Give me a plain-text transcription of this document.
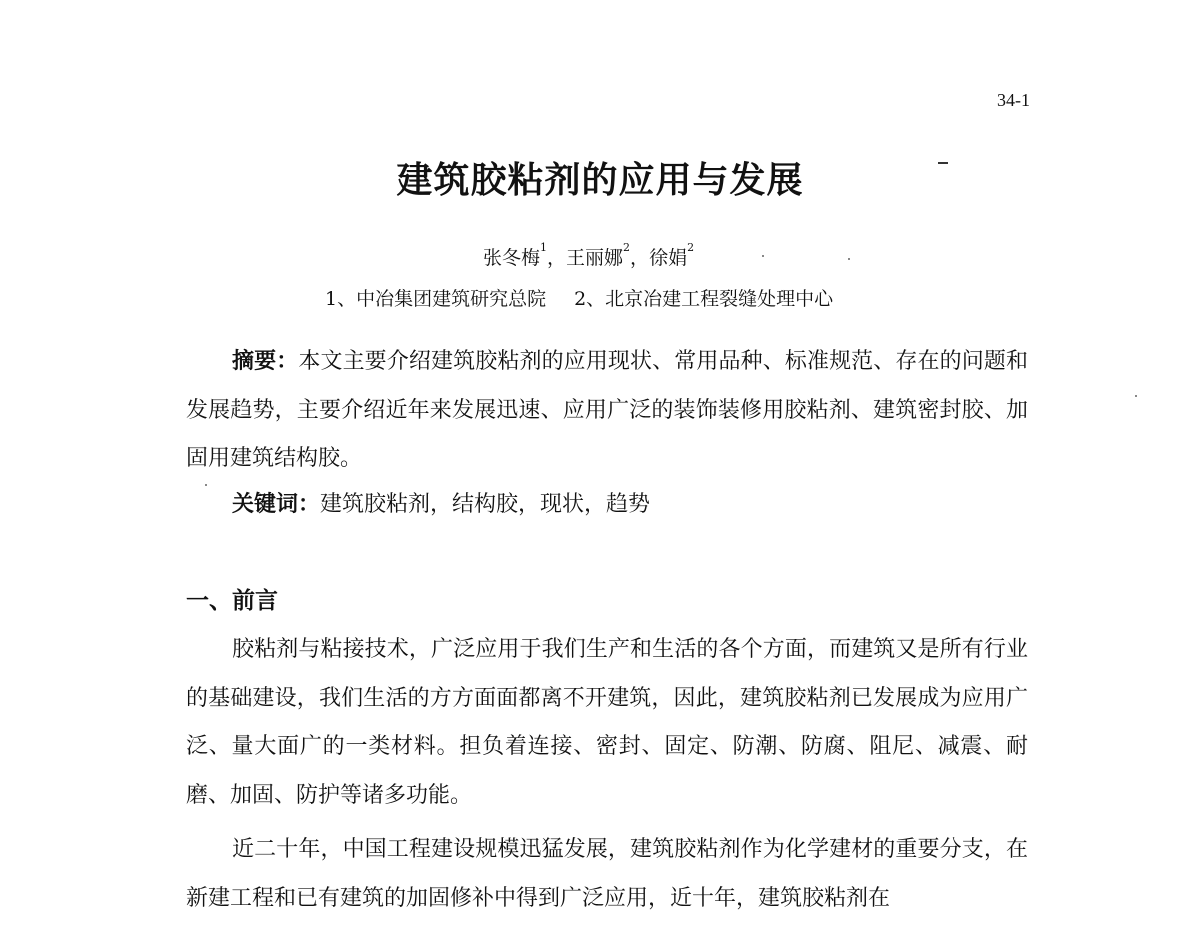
34-1
建筑胶粘剂的应用与发展
张冬梅$^1$，王丽娜$^2$，徐娟$^2$
1、中冶集团建筑研究总院 2、北京冶建工程裂缝处理中心
摘要：本文主要介绍建筑胶粘剂的应用现状、常用品种、标准规范、存在的问题和发展趋势，主要介绍近年来发展迅速、应用广泛的装饰装修用胶粘剂、建筑密封胶、加固用建筑结构胶。
关键词：建筑胶粘剂，结构胶，现状，趋势
一、前言

胶粘剂与粘接技术，广泛应用于我们生产和生活的各个方面，而建筑又是所有行业的基础建设，我们生活的方方面面都离不开建筑，因此，建筑胶粘剂已发展成为应用广泛、量大面广的一类材料。担负着连接、密封、固定、防潮、防腐、阻尼、减震、耐磨、加固、防护等诸多功能。

近二十年，中国工程建设规模迅猛发展，建筑胶粘剂作为化学建材的重要分支，在新建工程和已有建筑的加固修补中得到广泛应用，近十年，建筑胶粘剂在
